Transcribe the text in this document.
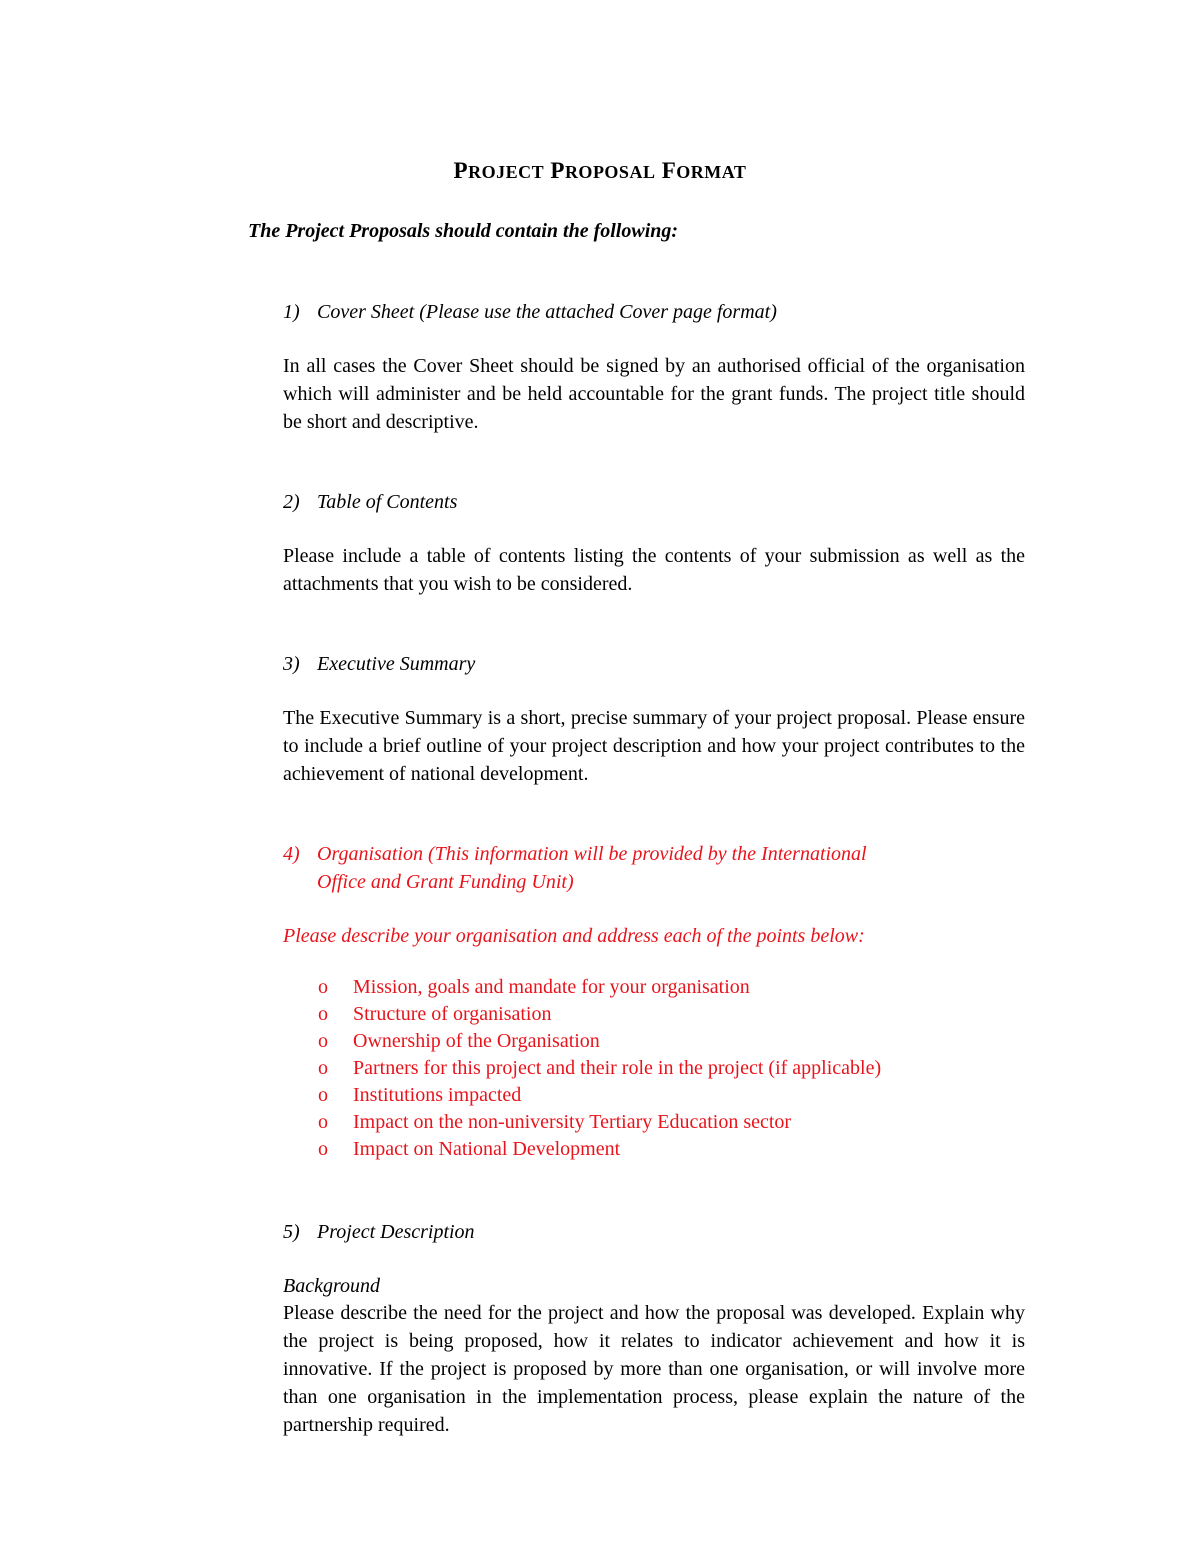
PROJECT PROPOSAL FORMAT
The Project Proposals should contain the following:
1) Cover Sheet (Please use the attached Cover page format)
In all cases the Cover Sheet should be signed by an authorised official of the organisation which will administer and be held accountable for the grant funds. The project title should be short and descriptive.
2) Table of Contents
Please include a table of contents listing the contents of your submission as well as the attachments that you wish to be considered.
3) Executive Summary
The Executive Summary is a short, precise summary of your project proposal. Please ensure to include a brief outline of your project description and how your project contributes to the achievement of national development.
4) Organisation (This information will be provided by the International
Office and Grant Funding Unit)
Please describe your organisation and address each of the points below:
o Mission, goals and mandate for your organisation
o Structure of organisation
o Ownership of the Organisation
o Partners for this project and their role in the project (if applicable)
o Institutions impacted
o Impact on the non-university Tertiary Education sector
o Impact on National Development
5) Project Description
Background
Please describe the need for the project and how the proposal was developed. Explain why the project is being proposed, how it relates to indicator achievement and how it is innovative. If the project is proposed by more than one organisation, or will involve more than one organisation in the implementation process, please explain the nature of the partnership required.
